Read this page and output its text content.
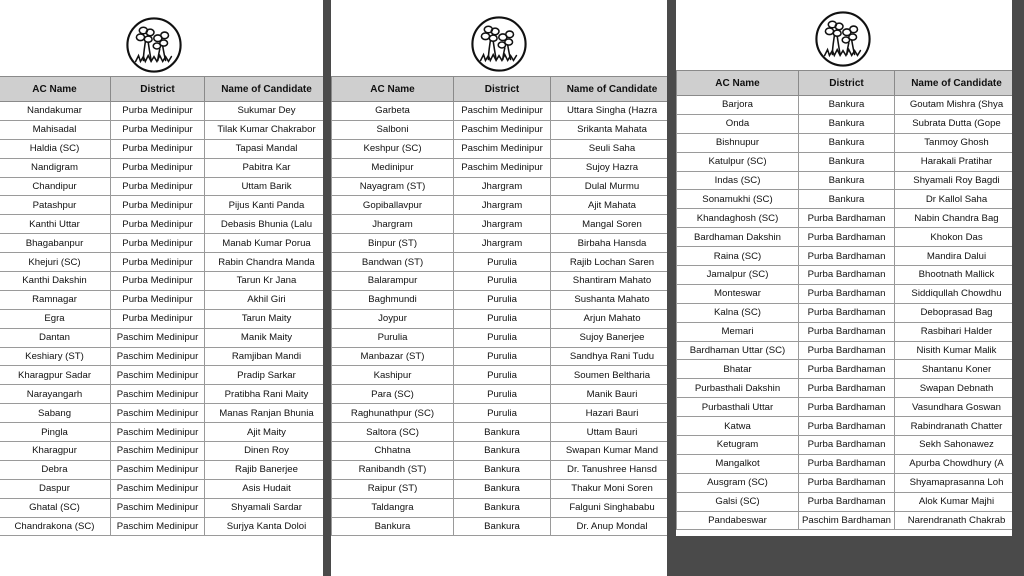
AC Name	District	Name of Candidate
Nandakumar	Purba Medinipur	Sukumar Dey
Mahisadal	Purba Medinipur	Tilak Kumar Chakrabor
Haldia (SC)	Purba Medinipur	Tapasi Mandal
Nandigram	Purba Medinipur	Pabitra Kar
Chandipur	Purba Medinipur	Uttam Barik
Patashpur	Purba Medinipur	Pijus Kanti Panda
Kanthi Uttar	Purba Medinipur	Debasis Bhunia (Lalu
Bhagabanpur	Purba Medinipur	Manab Kumar Porua
Khejuri (SC)	Purba Medinipur	Rabin Chandra Manda
Kanthi Dakshin	Purba Medinipur	Tarun Kr Jana
Ramnagar	Purba Medinipur	Akhil Giri
Egra	Purba Medinipur	Tarun Maity
Dantan	Paschim Medinipur	Manik Maity
Keshiary (ST)	Paschim Medinipur	Ramjiban Mandi
Kharagpur Sadar	Paschim Medinipur	Pradip Sarkar
Narayangarh	Paschim Medinipur	Pratibha Rani Maity
Sabang	Paschim Medinipur	Manas Ranjan Bhunia
Pingla	Paschim Medinipur	Ajit Maity
Kharagpur	Paschim Medinipur	Dinen Roy
Debra	Paschim Medinipur	Rajib Banerjee
Daspur	Paschim Medinipur	Asis Hudait
Ghatal (SC)	Paschim Medinipur	Shyamali Sardar
Chandrakona (SC)	Paschim Medinipur	Surjya Kanta Doloi
AC Name	District	Name of Candidate
Garbeta	Paschim Medinipur	Uttara Singha (Hazra
Salboni	Paschim Medinipur	Srikanta Mahata
Keshpur (SC)	Paschim Medinipur	Seuli Saha
Medinipur	Paschim Medinipur	Sujoy Hazra
Nayagram (ST)	Jhargram	Dulal Murmu
Gopiballavpur	Jhargram	Ajit Mahata
Jhargram	Jhargram	Mangal Soren
Binpur (ST)	Jhargram	Birbaha Hansda
Bandwan (ST)	Purulia	Rajib Lochan Saren
Balarampur	Purulia	Shantiram Mahato
Baghmundi	Purulia	Sushanta Mahato
Joypur	Purulia	Arjun Mahato
Purulia	Purulia	Sujoy Banerjee
Manbazar (ST)	Purulia	Sandhya Rani Tudu
Kashipur	Purulia	Soumen Beltharia
Para (SC)	Purulia	Manik Bauri
Raghunathpur (SC)	Purulia	Hazari Bauri
Saltora (SC)	Bankura	Uttam Bauri
Chhatna	Bankura	Swapan Kumar Mand
Ranibandh (ST)	Bankura	Dr. Tanushree Hansd
Raipur (ST)	Bankura	Thakur Moni Soren
Taldangra	Bankura	Falguni Singhababu
Bankura	Bankura	Dr. Anup Mondal
AC Name	District	Name of Candidate
Barjora	Bankura	Goutam Mishra (Shya
Onda	Bankura	Subrata Dutta (Gope
Bishnupur	Bankura	Tanmoy Ghosh
Katulpur (SC)	Bankura	Harakali Pratihar
Indas (SC)	Bankura	Shyamali Roy Bagdi
Sonamukhi (SC)	Bankura	Dr Kallol Saha
Khandaghosh (SC)	Purba Bardhaman	Nabin Chandra Bag
Bardhaman Dakshin	Purba Bardhaman	Khokon Das
Raina (SC)	Purba Bardhaman	Mandira Dalui
Jamalpur (SC)	Purba Bardhaman	Bhootnath Mallick
Monteswar	Purba Bardhaman	Siddiqullah Chowdhu
Kalna (SC)	Purba Bardhaman	Deboprasad Bag
Memari	Purba Bardhaman	Rasbihari Halder
Bardhaman Uttar (SC)	Purba Bardhaman	Nisith Kumar Malik
Bhatar	Purba Bardhaman	Shantanu Koner
Purbasthali Dakshin	Purba Bardhaman	Swapan Debnath
Purbasthali Uttar	Purba Bardhaman	Vasundhara Goswan
Katwa	Purba Bardhaman	Rabindranath Chatter
Ketugram	Purba Bardhaman	Sekh Sahonawez
Mangalkot	Purba Bardhaman	Apurba Chowdhury (A
Ausgram (SC)	Purba Bardhaman	Shyamaprasanna Loh
Galsi (SC)	Purba Bardhaman	Alok Kumar Majhi
Pandabeswar	Paschim Bardhaman	Narendranath Chakrab
